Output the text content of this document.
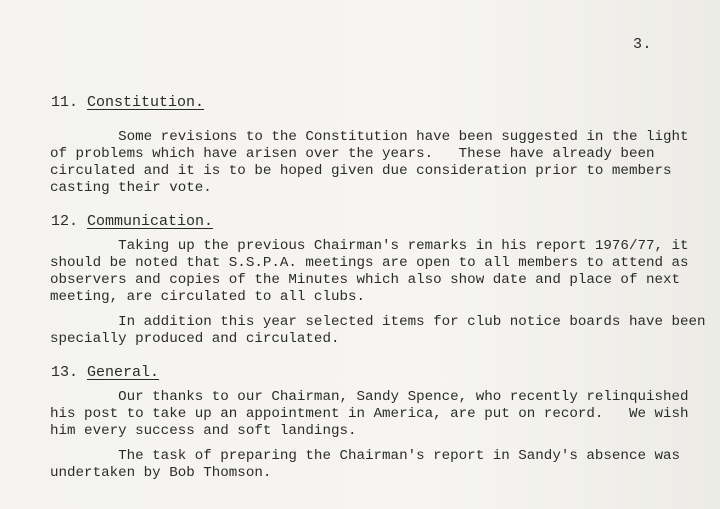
3.
11. Constitution.

Some revisions to the Constitution have been suggested in the light
of problems which have arisen over the years.   These have already been
circulated and it is to be hoped given due consideration prior to members
casting their vote.

12. Communication.

Taking up the previous Chairman's remarks in his report 1976/77, it
should be noted that S.S.P.A. meetings are open to all members to attend as
observers and copies of the Minutes which also show date and place of next
meeting, are circulated to all clubs.

In addition this year selected items for club notice boards have been
specially produced and circulated.

13. General.

Our thanks to our Chairman, Sandy Spence, who recently relinquished
his post to take up an appointment in America, are put on record.   We wish
him every success and soft landings.

The task of preparing the Chairman's report in Sandy's absence was
undertaken by Bob Thomson.
